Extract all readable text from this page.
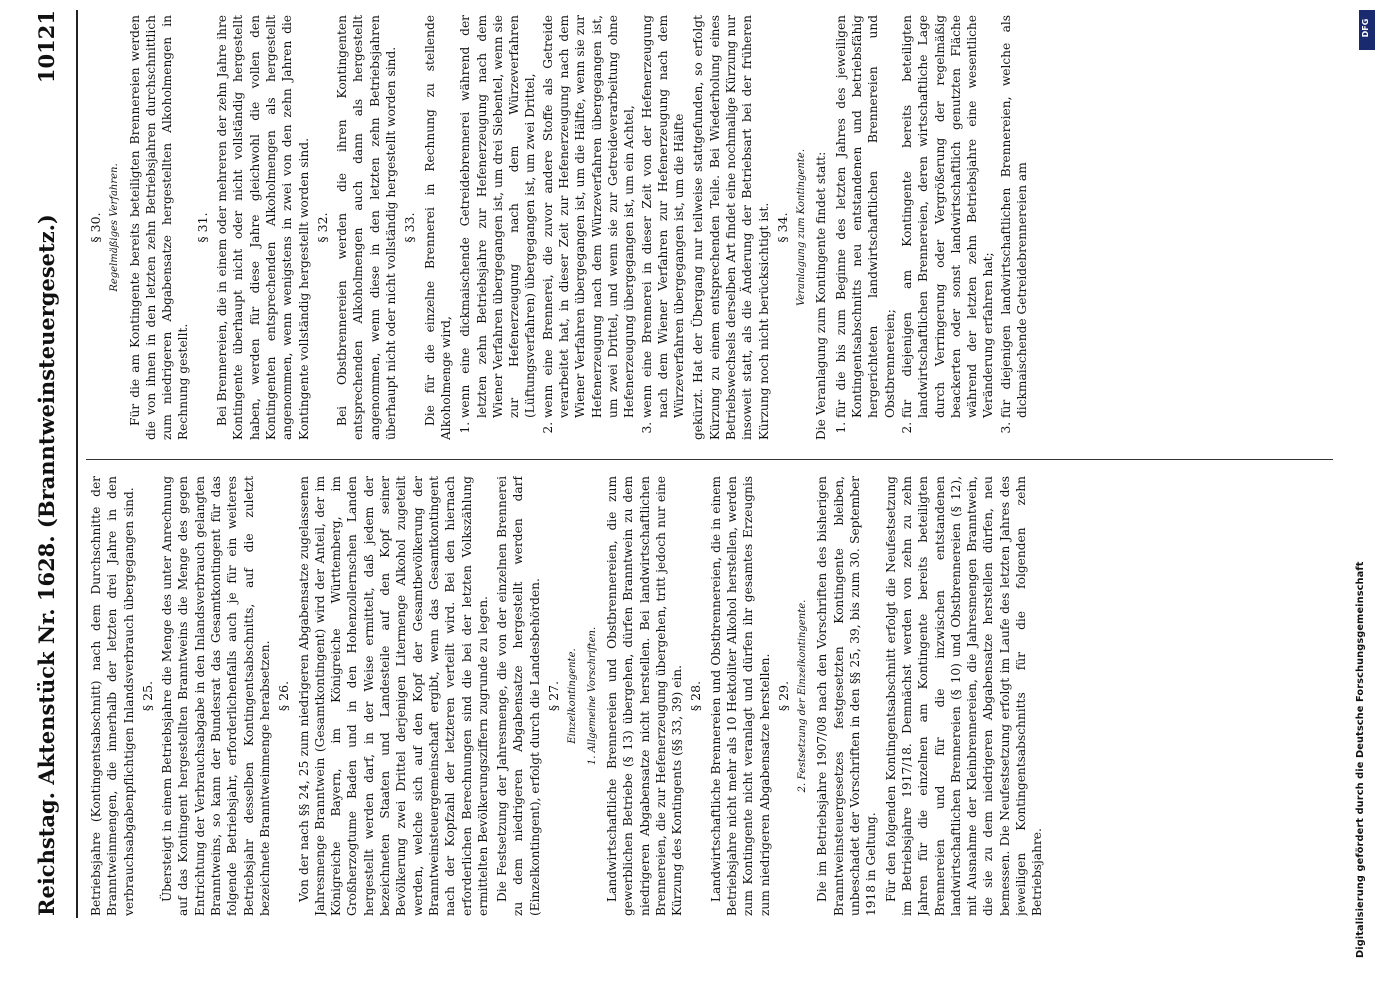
Reichstag. Aktenstück Nr. 1628. (Branntweinsteuergesetz.)
10121

Betriebsjahre (Kontingentsabschnitt) nach dem Durchschnitte der Branntweinmengen, die innerhalb der letzten drei Jahre in den verbrauchsabgabenpflichtigen Inlandsverbrauch übergegangen sind. § 25. Übersteigt in einem Betriebsjahre die Menge des unter Anrechnung auf das Kontingent hergestellten Branntweins die Menge des gegen Entrichtung der Verbrauchsabgabe in den Inlandsverbrauch gelangten Branntweins, so kann der Bundesrat das Gesamtkontingent für das folgende Betriebsjahr, erforderlichenfalls auch je für ein weiteres Betriebsjahr desselben Kontingentsabschnitts, auf die zuletzt bezeichnete Branntweinmenge herabsetzen. § 26. Von der nach §§ 24, 25 zum niedrigeren Abgabensatze zugelassenen Jahresmenge Branntwein (Gesamtkontingent) wird der Anteil, der im Königreiche Bayern, im Königreiche Württemberg, im Großherzogtume Baden und in den Hohenzollernschen Landen hergestellt werden darf, in der Weise ermittelt, daß jedem der bezeichneten Staaten und Landesteile auf den Kopf seiner Bevölkerung zwei Drittel derjenigen Litermenge Alkohol zugeteilt werden, welche sich auf den Kopf der Gesamtbevölkerung der Branntweinsteuergemeinschaft ergibt, wenn das Gesamtkontingent nach der Kopfzahl der letzteren verteilt wird. Bei den hiernach erforderlichen Berechnungen sind die bei der letzten Volkszählung ermittelten Bevölkerungsziffern zugrunde zu legen. Die Festsetzung der Jahresmenge, die von der einzelnen Brennerei zu dem niedrigeren Abgabensatze hergestellt werden darf (Einzelkontingent), erfolgt durch die Landesbehörden. § 27. Einzelkontingente. 1. Allgemeine Vorschriften. Landwirtschaftliche Brennereien und Obstbrennereien, die zum gewerblichen Betriebe (§ 13) übergehen, dürfen Branntwein zu dem niedrigeren Abgabensatze nicht herstellen. Bei landwirtschaftlichen Brennereien, die zur Hefenerzeugung übergehen, tritt jedoch nur eine Kürzung des Kontingents (§§ 33, 39) ein. § 28. Landwirtschaftliche Brennereien und Obstbrennereien, die in einem Betriebsjahre nicht mehr als 10 Hektoliter Alkohol herstellen, werden zum Kontingente nicht veranlagt und dürfen ihr gesamtes Erzeugnis zum niedrigeren Abgabensatze herstellen. § 29. 2. Festsetzung der Einzelkontingente. Die im Betriebsjahre 1907/08 nach den Vorschriften des bisherigen Branntweinsteuergesetzes festgesetzten Kontingente bleiben, unbeschadet der Vorschriften in den §§ 25, 39, bis zum 30. September 1918 in Geltung. Für den folgenden Kontingentsabschnitt erfolgt die Neufestsetzung im Betriebsjahre 1917/18. Demnächst werden von zehn zu zehn Jahren für die einzelnen am Kontingente bereits beteiligten Brennereien und für die inzwischen entstandenen landwirtschaftlichen Brennereien (§ 10) und Obstbrennereien (§ 12), mit Ausnahme der Kleinbrennereien, die Jahresmengen Branntwein, die sie zu dem niedrigeren Abgabensatze herstellen dürfen, neu bemessen. Die Neufestsetzung erfolgt im Laufe des letzten Jahres des jeweiligen Kontingentsabschnitts für die folgenden zehn Betriebsjahre.

§ 30. Regelmäßiges Verfahren. Für die am Kontingente bereits beteiligten Brennereien werden die von ihnen in den letzten zehn Betriebsjahren durchschnittlich zum niedrigeren Abgabensatze hergestellten Alkoholmengen in Rechnung gestellt.

§ 31. Bei Brennereien, die in einem oder mehreren der zehn Jahre ihre Kontingente überhaupt nicht oder nicht vollständig hergestellt haben, werden für diese Jahre gleichwohl die vollen den Kontingenten entsprechenden Alkoholmengen als hergestellt angenommen, wenn wenigstens in zwei von den zehn Jahren die Kontingente vollständig hergestellt worden sind. § 32. Bei Obstbrennereien werden die ihren Kontingenten entsprechenden Alkoholmengen auch dann als hergestellt angenommen, wenn diese in den letzten zehn Betriebsjahren überhaupt nicht oder nicht vollständig hergestellt worden sind. § 33. Die für die einzelne Brennerei in Rechnung zu stellende Alkoholmenge wird, 1. wenn eine dickmaischende Getreidebrennerei während der letzten zehn Betriebsjahre zur Hefenerzeugung nach dem Wiener Verfahren übergegangen ist, um drei Siebentel, wenn sie zur Hefenerzeugung nach dem Würzeverfahren (Lüftungsverfahren) übergegangen ist, um zwei Drittel, 2. wenn eine Brennerei, die zuvor andere Stoffe als Getreide verarbeitet hat, in dieser Zeit zur Hefenerzeugung nach dem Wiener Verfahren übergegangen ist, um die Hälfte, wenn sie zur Hefenerzeugung nach dem Würzeverfahren übergegangen ist, um zwei Drittel, und wenn sie zur Getreideverarbeitung ohne Hefenerzeugung übergegangen ist, um ein Achtel, 3. wenn eine Brennerei in dieser Zeit von der Hefenerzeugung nach dem Wiener Verfahren zur Hefenerzeugung nach dem Würzeverfahren übergegangen ist, um die Hälfte gekürzt. Hat der Übergang nur teilweise stattgefunden, so erfolgt Kürzung zu einem entsprechenden Teile. Bei Wiederholung eines Betriebswechsels derselben Art findet eine nochmalige Kürzung nur insoweit statt, als die Änderung der Betriebsart bei der früheren Kürzung noch nicht berücksichtigt ist. § 34. Veranlagung zum Kontingente. Die Veranlagung zum Kontingente findet statt: 1. für die bis zum Beginne des letzten Jahres des jeweiligen Kontingentsabschnitts neu entstandenen und betriebsfähig hergerichteten landwirtschaftlichen Brennereien und Obstbrennereien; 2. für diejenigen am Kontingente bereits beteiligten landwirtschaftlichen Brennereien, deren wirtschaftliche Lage durch Verringerung oder Vergrößerung der regelmäßig beackerten oder sonst landwirtschaftlich genutzten Fläche während der letzten zehn Betriebsjahre eine wesentliche Veränderung erfahren hat; 3. für diejenigen landwirtschaftlichen Brennereien, welche als dickmaischende Getreidebrennereien am
DFG
Digitalisierung gefördert durch die Deutsche Forschungsgemeinschaft
